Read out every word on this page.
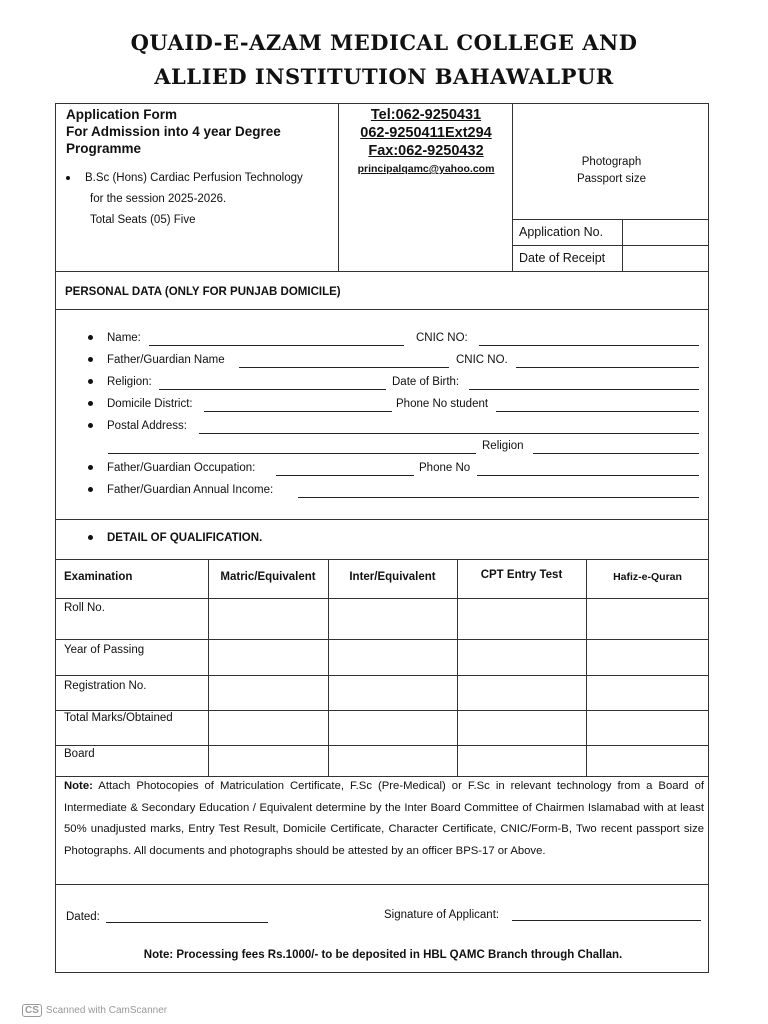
QUAID-E-AZAM MEDICAL COLLEGE AND
ALLIED INSTITUTION BAHAWALPUR
Application Form
For Admission into 4 year Degree
Programme
B.Sc (Hons) Cardiac Perfusion Technology
for the session 2025-2026.
Total Seats (05) Five
Tel:062-9250431
062-9250411Ext294
Fax:062-9250432
principalqamc@yahoo.com
Photograph
Passport size
Application No.
Date of Receipt
PERSONAL DATA (ONLY FOR PUNJAB DOMICILE)
Name:	CNIC NO:
Father/Guardian Name	CNIC NO.
Religion:	Date of Birth:
Domicile District:	Phone No student
Postal Address:
Religion
Father/Guardian Occupation:	Phone No
Father/Guardian Annual Income:
DETAIL OF QUALIFICATION.
Examination	Matric/Equivalent	Inter/Equivalent	CPT Entry Test	Hafiz-e-Quran
Roll No.
Year of Passing
Registration No.
Total Marks/Obtained
Board
Note: Attach Photocopies of Matriculation Certificate, F.Sc (Pre-Medical) or F.Sc in relevant technology from a Board of Intermediate & Secondary Education / Equivalent determine by the Inter Board Committee of Chairmen Islamabad with at least 50% unadjusted marks, Entry Test Result, Domicile Certificate, Character Certificate, CNIC/Form-B, Two recent passport size Photographs. All documents and photographs should be attested by an officer BPS-17 or Above.
Dated:	Signature of Applicant:
Note: Processing fees Rs.1000/- to be deposited in HBL QAMC Branch through Challan.
CS Scanned with CamScanner
